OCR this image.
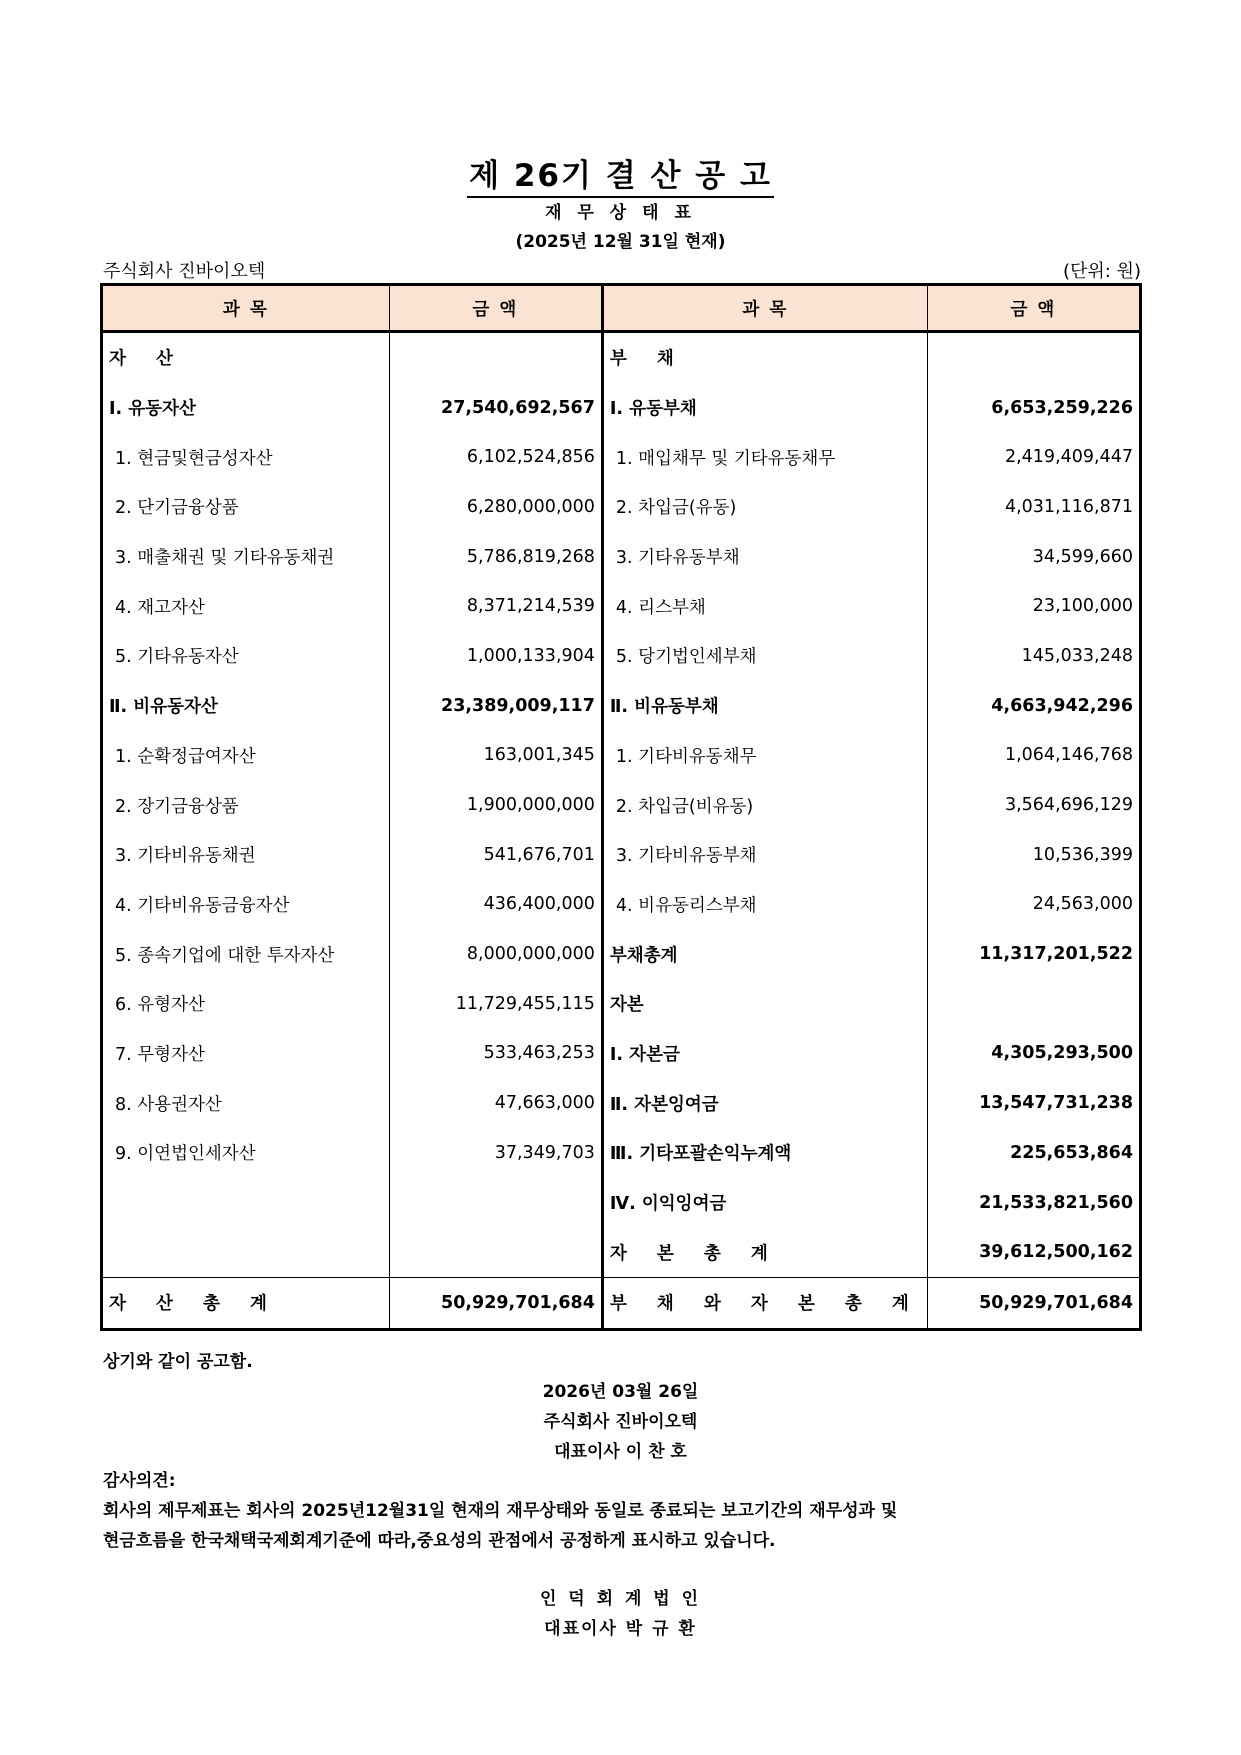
제 26기 결 산 공 고
재 무 상 태 표
(2025년 12월 31일 현재)
주식회사 진바이오텍	(단위: 원)
과 목	금 액	과 목	금 액
자 산		부 채	
Ⅰ. 유동자산	27,540,692,567	Ⅰ. 유동부채	6,653,259,226
1. 현금및현금성자산	6,102,524,856	1. 매입채무 및 기타유동채무	2,419,409,447
2. 단기금융상품	6,280,000,000	2. 차입금(유동)	4,031,116,871
3. 매출채권 및 기타유동채권	5,786,819,268	3. 기타유동부채	34,599,660
4. 재고자산	8,371,214,539	4. 리스부채	23,100,000
5. 기타유동자산	1,000,133,904	5. 당기법인세부채	145,033,248
Ⅱ. 비유동자산	23,389,009,117	Ⅱ. 비유동부채	4,663,942,296
1. 순확정급여자산	163,001,345	1. 기타비유동채무	1,064,146,768
2. 장기금융상품	1,900,000,000	2. 차입금(비유동)	3,564,696,129
3. 기타비유동채권	541,676,701	3. 기타비유동부채	10,536,399
4. 기타비유동금융자산	436,400,000	4. 비유동리스부채	24,563,000
5. 종속기업에 대한 투자자산	8,000,000,000	부채총계	11,317,201,522
6. 유형자산	11,729,455,115	자본	
7. 무형자산	533,463,253	Ⅰ. 자본금	4,305,293,500
8. 사용권자산	47,663,000	Ⅱ. 자본잉여금	13,547,731,238
9. 이연법인세자산	37,349,703	Ⅲ. 기타포괄손익누계액	225,653,864
		Ⅳ. 이익잉여금	21,533,821,560
		자 본 총 계	39,612,500,162
자 산 총 계	50,929,701,684	부 채 와 자 본 총 계	50,929,701,684
상기와 같이 공고함.
2026년 03월 26일
주식회사 진바이오텍
대표이사 이 찬 호
감사의견:
회사의 제무제표는 회사의 2025년12월31일 현재의 재무상태와 동일로 종료되는 보고기간의 재무성과 및
현금흐름을 한국채택국제회계기준에 따라,중요성의 관점에서 공정하게 표시하고 있습니다.
인 덕 회 계 법 인
대표이사 박 규 환
